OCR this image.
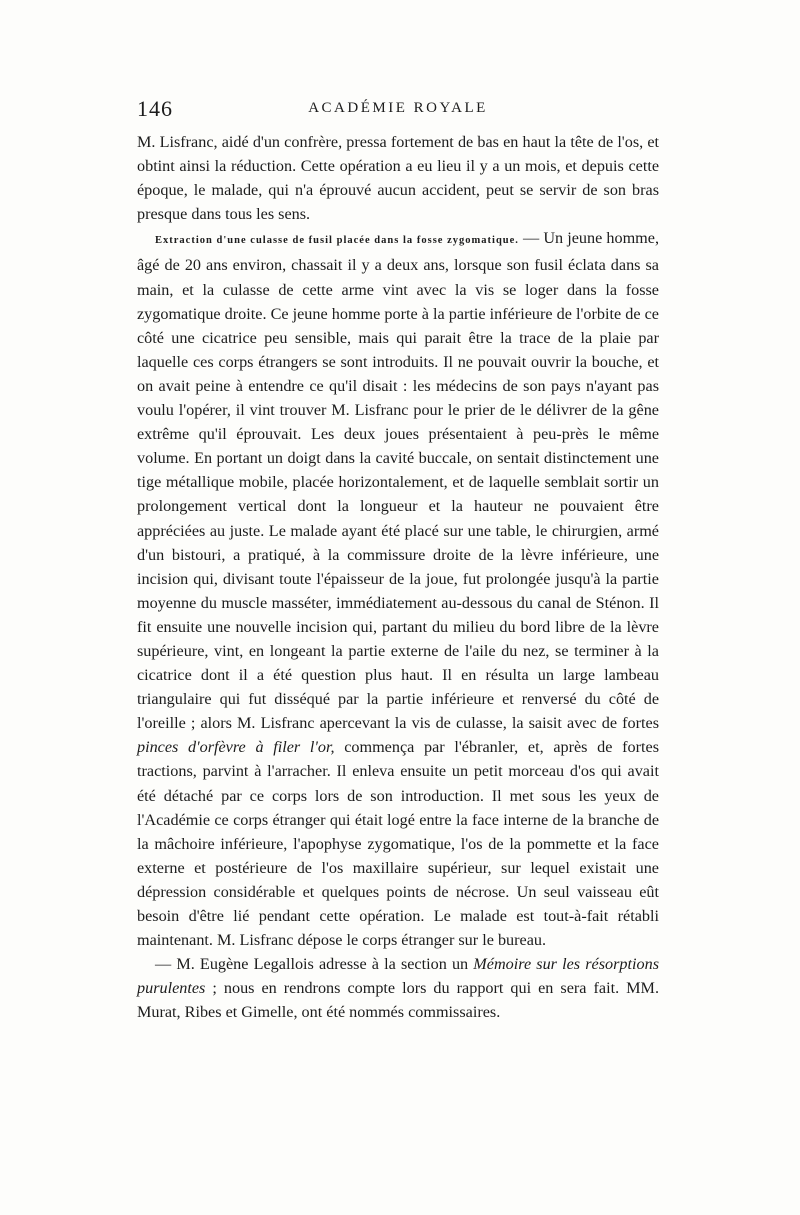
146	ACADÉMIE ROYALE

M. Lisfranc, aidé d'un confrère, pressa fortement de bas en haut la tête de l'os, et obtint ainsi la réduction. Cette opération a eu lieu il y a un mois, et depuis cette époque, le malade, qui n'a éprouvé aucun accident, peut se servir de son bras presque dans tous les sens.

Extraction d'une culasse de fusil placée dans la fosse zygomatique. — Un jeune homme, âgé de 20 ans environ, chassait il y a deux ans, lorsque son fusil éclata dans sa main, et la culasse de cette arme vint avec la vis se loger dans la fosse zygomatique droite. Ce jeune homme porte à la partie inférieure de l'orbite de ce côté une cicatrice peu sensible, mais qui parait être la trace de la plaie par laquelle ces corps étrangers se sont introduits. Il ne pouvait ouvrir la bouche, et on avait peine à entendre ce qu'il disait : les médecins de son pays n'ayant pas voulu l'opérer, il vint trouver M. Lisfranc pour le prier de le délivrer de la gêne extrême qu'il éprouvait. Les deux joues présentaient à peu-près le même volume. En portant un doigt dans la cavité buccale, on sentait distinctement une tige métallique mobile, placée horizontalement, et de laquelle semblait sortir un prolongement vertical dont la longueur et la hauteur ne pouvaient être appréciées au juste. Le malade ayant été placé sur une table, le chirurgien, armé d'un bistouri, a pratiqué, à la commissure droite de la lèvre inférieure, une incision qui, divisant toute l'épaisseur de la joue, fut prolongée jusqu'à la partie moyenne du muscle masséter, immédiatement au-dessous du canal de Sténon. Il fit ensuite une nouvelle incision qui, partant du milieu du bord libre de la lèvre supérieure, vint, en longeant la partie externe de l'aile du nez, se terminer à la cicatrice dont il a été question plus haut. Il en résulta un large lambeau triangulaire qui fut disséqué par la partie inférieure et renversé du côté de l'oreille ; alors M. Lisfranc apercevant la vis de culasse, la saisit avec de fortes pinces d'orfèvre à filer l'or, commença par l'ébranler, et, après de fortes tractions, parvint à l'arracher. Il enleva ensuite un petit morceau d'os qui avait été détaché par ce corps lors de son introduction. Il met sous les yeux de l'Académie ce corps étranger qui était logé entre la face interne de la branche de la mâchoire inférieure, l'apophyse zygomatique, l'os de la pommette et la face externe et postérieure de l'os maxillaire supérieur, sur lequel existait une dépression considérable et quelques points de nécrose. Un seul vaisseau eût besoin d'être lié pendant cette opération. Le malade est tout-à-fait rétabli maintenant. M. Lisfranc dépose le corps étranger sur le bureau.

— M. Eugène Legallois adresse à la section un Mémoire sur les résorptions purulentes ; nous en rendrons compte lors du rapport qui en sera fait. MM. Murat, Ribes et Gimelle, ont été nommés commissaires.
